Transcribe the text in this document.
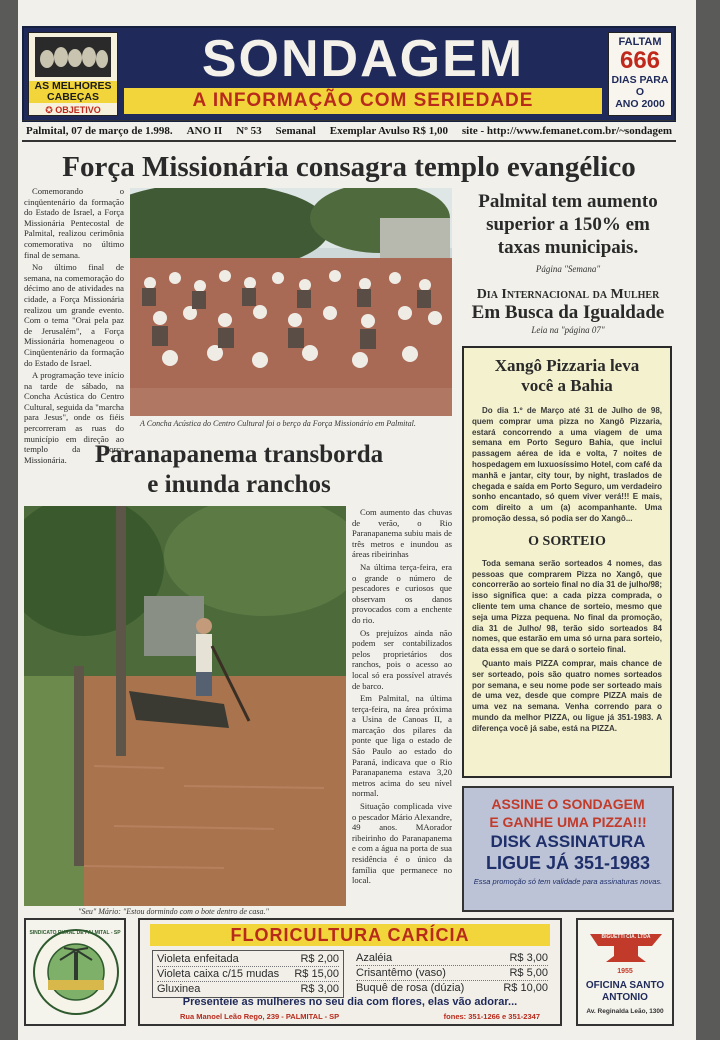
AS MELHORES CABEÇAS
✪ OBJETIVO
SONDAGEM
A INFORMAÇÃO COM SERIEDADE
FALTAM
666
DIAS PARA O
ANO 2000
Palmital, 07 de março de 1.998. ANO II Nº 53 Semanal Exemplar Avulso R$ 1,00 site - http://www.femanet.com.br/~sondagem
Força Missionária consagra templo evangélico

Comemorando o cinqüentenário da formação do Estado de Israel, a Força Missionária Pentecostal de Palmital, realizou cerimônia comemorativa no último final de semana.

No último final de semana, na comemoração do décimo ano de atividades na cidade, a Força Missionária realizou um grande evento. Com o tema "Orai pela paz de Jerusalém", a Força Missionária homenageou o Cinqüentenário da formação do Estado de Israel.

A programação teve início na tarde de sábado, na Concha Acústica do Centro Cultural, seguida da "marcha para Jesus", onde os fiéis percorreram as ruas do município em direção ao templo da Força Missionária.

A Concha Acústica do Centro Cultural foi o berço da Força Missionário em Palmital.
Palmital tem aumento
superior a 150% em
taxas municipais.
Página "Semana"
Dia Internacional da Mulher
Em Busca da Igualdade
Leia na "página 07"
Xangô Pizzaria leva
você a Bahia
Do dia 1.º de Março até 31 de Julho de 98, quem comprar uma pizza no Xangô Pizzaria, estará concorrendo a uma viagem de uma semana em Porto Seguro Bahia, que inclui passagem aérea de ida e volta, 7 noites de hospedagem em luxuosíssimo Hotel, com café da manhã e jantar, city tour, by night, traslados de chegada e saída em Porto Seguro, um verdadeiro sonho encantado, só quem viver verá!!! E mais, com direito a um (a) acompanhante. Uma promoção dessa, só podia ser do Xangô...
O SORTEIO
Toda semana serão sorteados 4 nomes, das pessoas que comprarem Pizza no Xangô, que concorrerão ao sorteio final no dia 31 de julho/98; isso significa que: a cada pizza comprada, o cliente tem uma chance de sorteio, mesmo que seja uma Pizza pequena. No final da promoção, dia 31 de Julho/ 98, terão sido sorteados 84 nomes, que estarão em uma só urna para sorteio, data essa em que se dará o sorteio final.
Quanto mais PIZZA comprar, mais chance de ser sorteado, pois são quatro nomes sorteados por semana, e seu nome pode ser sorteado mais de uma vez, desde que compre PIZZA mais de uma vez na semana. Venha correndo para o mundo da melhor PIZZA, ou ligue já 351-1983. A diferença você já sabe, está na PIZZA.
ASSINE O SONDAGEM
E GANHE UMA PIZZA!!!
DISK ASSINATURA
LIGUE JÁ 351-1983
Essa promoção só tem validade para assinaturas novas.
Paranapanema transborda
e inunda ranchos
"Seu" Mário: "Estou dormindo com o bote dentro de casa."

Com aumento das chuvas de verão, o Rio Paranapanema subiu mais de três metros e inundou as áreas ribeirinhas

Na última terça-feira, era o grande o número de pescadores e curiosos que observam os danos provocados com a enchente do rio.

Os prejuízos ainda não podem ser contabilizados pelos proprietários dos ranchos, pois o acesso ao local só era possível através de barco.

Em Palmital, na última terça-feira, na área próxima a Usina de Canoas II, a marcação dos pilares da ponte que liga o estado de São Paulo ao estado do Paraná, indicava que o Rio Paranapanema estava 3,20 metros acima do seu nível normal.

Situação complicada vive o pescador Mário Alexandre, 49 anos. MAorador ribeirinho do Paranapanema e com a água na porta de sua residência é o único da família que permanece no local.

SINDICATO RURAL DE PALMITAL - SP	FLORICULTURA CARÍCIA
Violeta enfeitada	R$ 2,00
Violeta caixa c/15 mudas R$ 15,00
Gluxinea	R$ 3,00
Azaléia	R$ 3,00
Crisantêmo (vaso)	R$ 5,00
Buquê de rosa (dúzia)	R$ 10,00
Presenteie as mulheres no seu dia com flores, elas vão adorar...
Rua Manoel Leão Rego, 239 - PALMITAL - SP	fones: 351-1266 e 351-2347
BIGUETTI CIA. LTDA
1955
OFICINA SANTO
ANTONIO
Av. Reginalda Leão, 1300
